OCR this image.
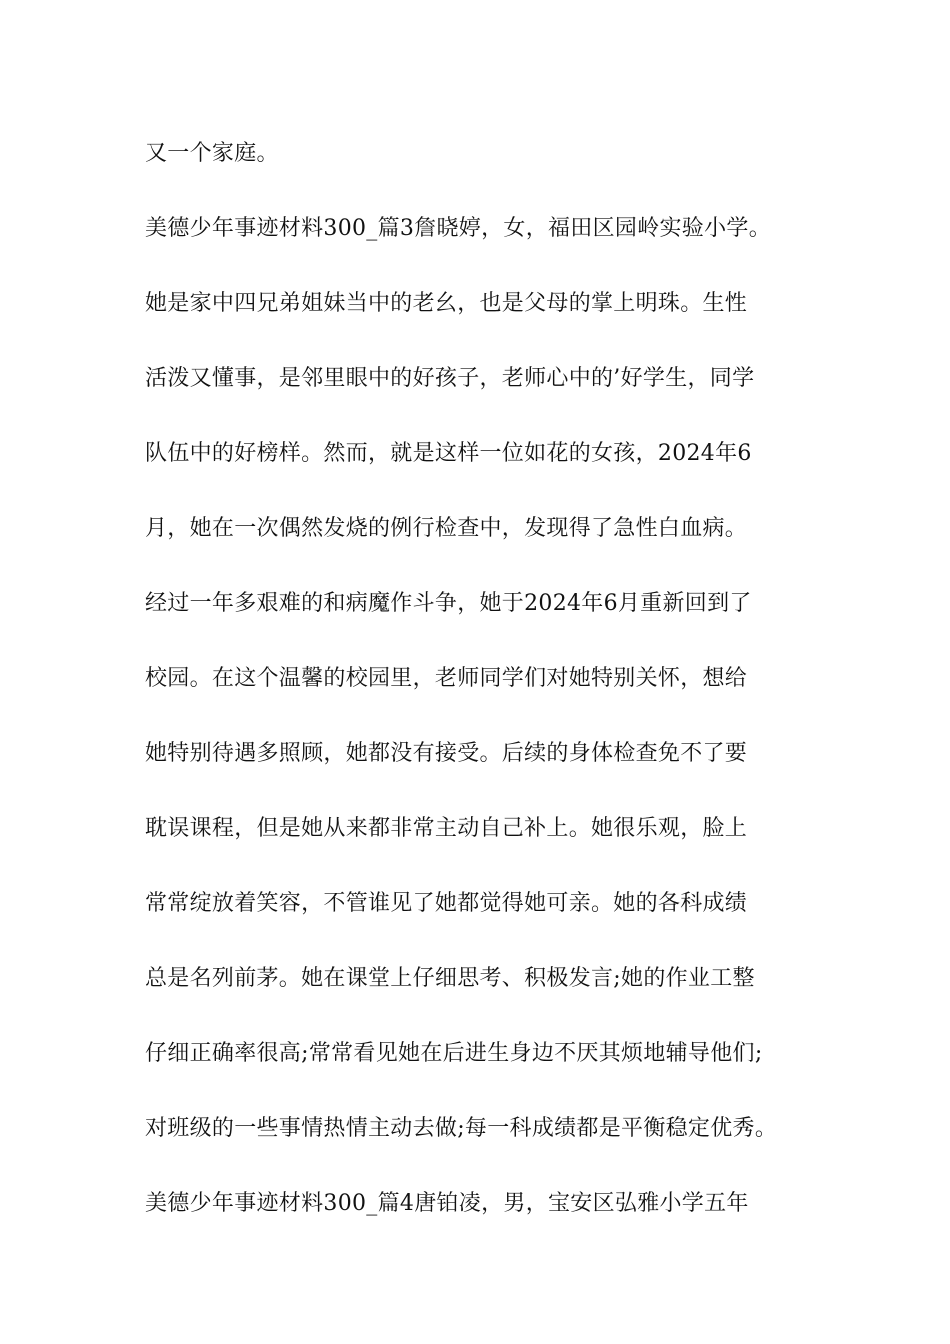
又一个家庭。
美德少年事迹材料300_篇3詹晓婷，女，福田区园岭实验小学。
她是家中四兄弟姐妹当中的老幺，也是父母的掌上明珠。生性
活泼又懂事，是邻里眼中的好孩子，老师心中的’好学生，同学
队伍中的好榜样。然而，就是这样一位如花的女孩，2024年6
月，她在一次偶然发烧的例行检查中，发现得了急性白血病。
经过一年多艰难的和病魔作斗争，她于2024年6月重新回到了
校园。在这个温馨的校园里，老师同学们对她特别关怀，想给
她特别待遇多照顾，她都没有接受。后续的身体检查免不了要
耽误课程，但是她从来都非常主动自己补上。她很乐观，脸上
常常绽放着笑容，不管谁见了她都觉得她可亲。她的各科成绩
总是名列前茅。她在课堂上仔细思考、积极发言;她的作业工整
仔细正确率很高;常常看见她在后进生身边不厌其烦地辅导他们;
对班级的一些事情热情主动去做;每一科成绩都是平衡稳定优秀。
美德少年事迹材料300_篇4唐铂凌，男，宝安区弘雅小学五年
